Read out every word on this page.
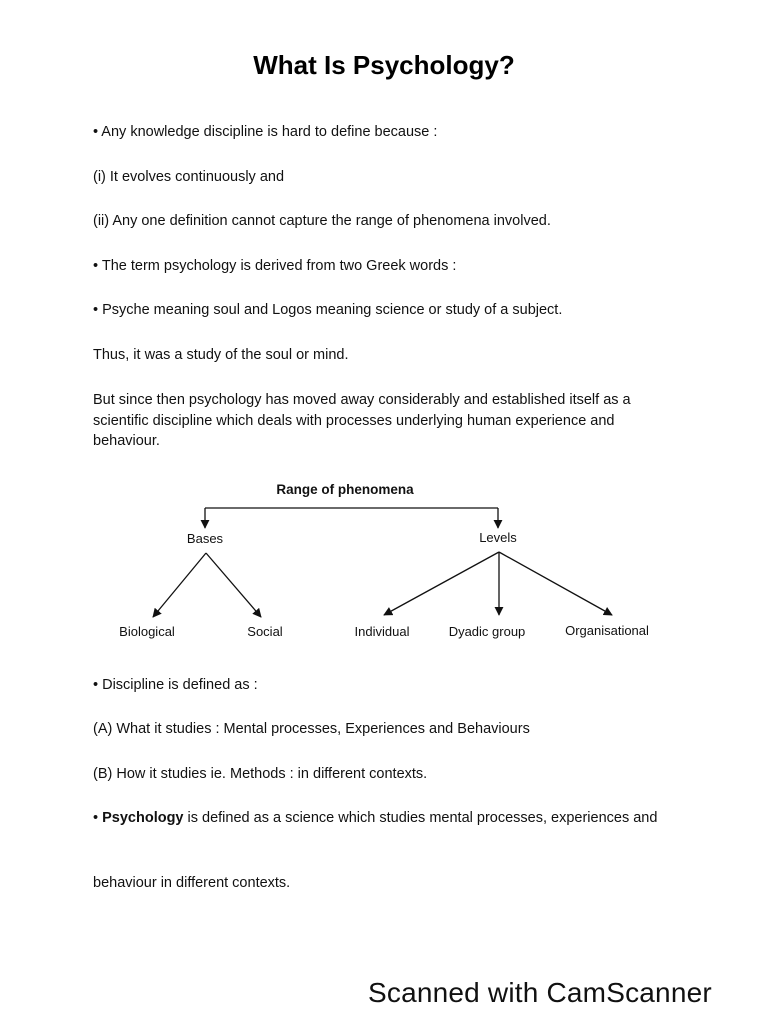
What Is Psychology?
• Any knowledge discipline is hard to define because :
(i) It evolves continuously and
(ii) Any one definition cannot capture the range of phenomena involved.
• The term psychology is derived from two Greek words :
• Psyche meaning soul and Logos meaning science or study of a subject.
Thus, it was a study of the soul or mind.
But since then psychology has moved away considerably and established itself as a scientific discipline which deals with processes underlying human experience and behaviour.
Range of phenomena
Bases	Levels
Biological	Social	Individual	Dyadic group	Organisational
• Discipline is defined as :
(A) What it studies : Mental processes, Experiences and Behaviours
(B) How it studies ie. Methods : in different contexts.
• Psychology is defined as a science which studies mental processes, experiences and
behaviour in different contexts.
Scanned with CamScanner
